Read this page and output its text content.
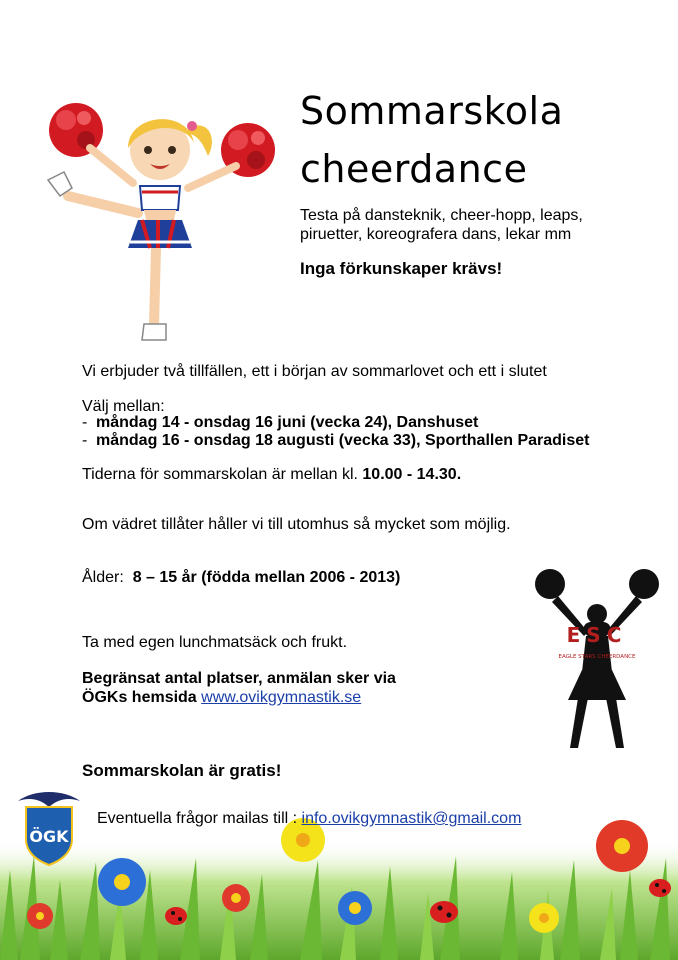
Sommarskola
cheerdance
Testa på dansteknik, cheer-hopp, leaps, piruetter, koreografera dans, lekar mm
Inga förkunskaper krävs!
Vi erbjuder två tillfällen, ett i början av sommarlovet och ett i slutet
Välj mellan:
- måndag 14 - onsdag 16 juni (vecka 24), Danshuset
- måndag 16 - onsdag 18 augusti (vecka 33), Sporthallen Paradiset
Tiderna för sommarskolan är mellan kl. 10.00 - 14.30.
Om vädret tillåter håller vi till utomhus så mycket som möjlig.
Ålder:  8 – 15 år (födda mellan 2006 - 2013)
Ta med egen lunchmatsäck och frukt.
Begränsat antal platser, anmälan sker via
ÖGKs hemsida www.ovikgymnastik.se
ESC
EAGLE STARS CHEERDANCE
ÖGK
Sommarskolan är gratis!
Eventuella frågor mailas till : info.ovikgymnastik@gmail.com
